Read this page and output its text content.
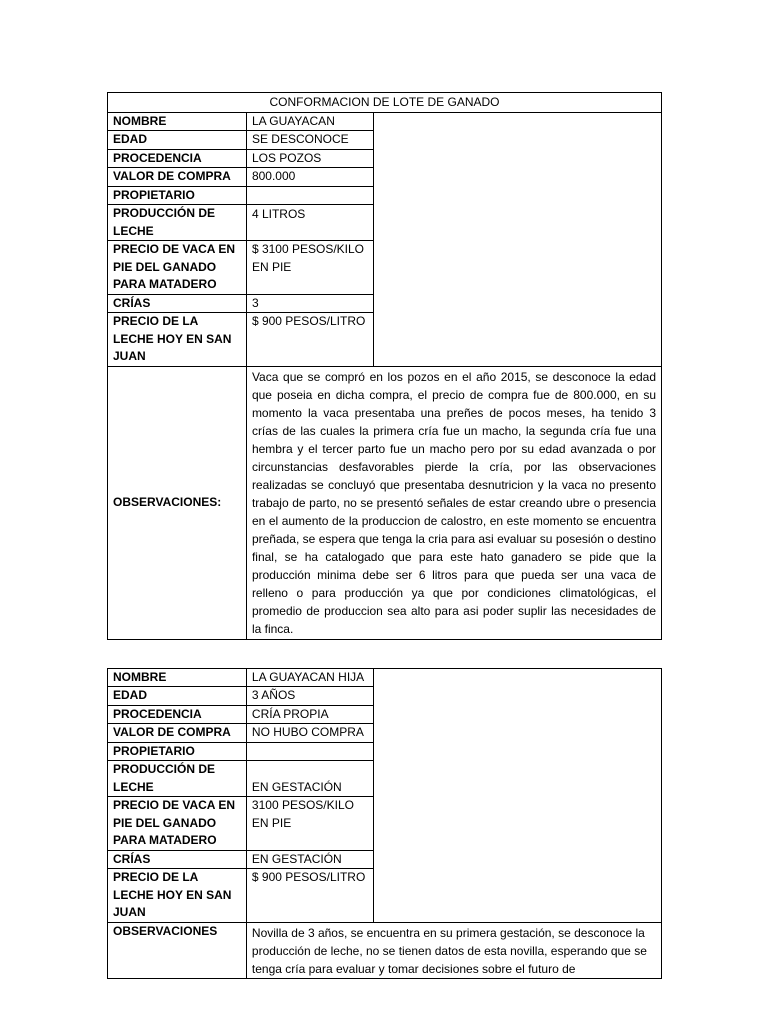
CONFORMACION DE LOTE DE GANADO		
NOMBRE	LA GUAYACAN	
EDAD	SE DESCONOCE	
PROCEDENCIA	LOS POZOS	
VALOR DE COMPRA	800.000	
PROPIETARIO		
PRODUCCIÓN DE LECHE	4 LITROS	
PRECIO DE VACA EN PIE DEL GANADO PARA MATADERO	$ 3100 PESOS/KILO EN PIE	
CRÍAS	3	
PRECIO DE LA LECHE HOY EN SAN JUAN	$ 900 PESOS/LITRO	
OBSERVACIONES:	Vaca que se compró en los pozos en el año 2015, se desconoce la edad que poseia en dicha compra, el precio de compra fue de 800.000, en su momento la vaca presentaba una preñes de pocos meses, ha tenido 3 crías de las cuales la primera cría fue un macho, la segunda cría fue una hembra y el tercer parto fue un macho pero por su edad avanzada o por circunstancias desfavorables pierde la cría, por las observaciones realizadas se concluyó que presentaba desnutricion y la vaca no presento trabajo de parto, no se presentó señales de estar creando ubre o presencia en el aumento de la produccion de calostro, en este momento se encuentra preñada, se espera que tenga la cria para asi evaluar su posesión o destino final, se ha catalogado que para este hato ganadero se pide que la producción minima debe ser 6 litros para que pueda ser una vaca de relleno o para producción ya que por condiciones climatológicas, el promedio de produccion sea alto para asi poder suplir las necesidades de la finca.	
NOMBRE	LA GUAYACAN HIJA	
EDAD	3 AÑOS	
PROCEDENCIA	CRÍA PROPIA	
VALOR DE COMPRA	NO HUBO COMPRA	
PROPIETARIO		
PRODUCCIÓN DE LECHE	EN GESTACIÓN	
PRECIO DE VACA EN PIE DEL GANADO PARA MATADERO	3100 PESOS/KILO EN PIE	
CRÍAS	EN GESTACIÓN	
PRECIO DE LA LECHE HOY EN SAN JUAN	$ 900 PESOS/LITRO	
OBSERVACIONES	Novilla de 3 años, se encuentra en su primera gestación, se desconoce la producción de leche, no se tienen datos de esta novilla, esperando que se tenga cría para evaluar y tomar decisiones sobre el futuro de	
